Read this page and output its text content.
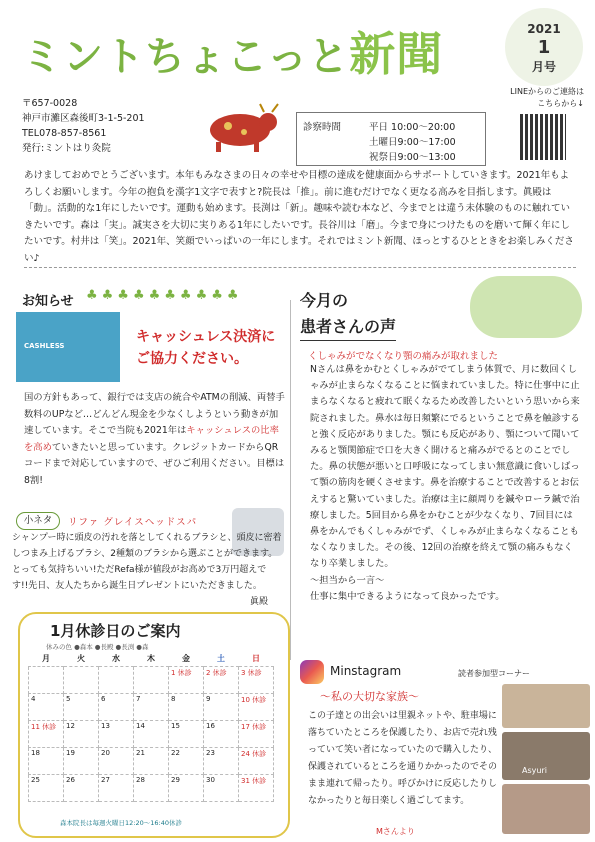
ミントちょこっと新聞	2021
1
月号
〒657-0028
神戸市灘区森後町3-1-5-201
TEL078-857-8561
発行:ミントはり灸院
診察時間	平日 10:00〜20:00
土曜日9:00〜17:00
祝祭日9:00〜13:00
LINEからのご連絡は
こちらから↓

あけましておめでとうございます。本年もみなさまの日々の幸せや目標の達成を健康面からサポートしていきます。2021年もよろしくお願いします。今年の抱負を漢字1文字で表すと?院長は「推」。前に進むだけでなく更なる高みを目指します。眞殿は「動」。活動的な1年にしたいです。運動も始めます。長渕は「新」。趣味や読む本など、今までとは違う未体験のものに触れていきたいです。森は「実」。誠実さを大切に実りある1年にしたいです。長谷川は「磨」。今まで身につけたものを磨いて輝く年にしたいです。村井は「笑」。2021年、笑顔でいっぱいの一年にします。それではミント新聞、ほっとするひとときをお楽しみください♪

お知らせ ♣♣♣♣♣♣♣♣♣♣
CASHLESS
キャッシュレス決済に
ご協力ください。
国の方針もあって、銀行では支店の統合やATMの削減、両替手数料のUPなど…どんどん現金を少なくしようという動きが加速しています。そこで当院も2021年はキャッシュレスの比率を高めていきたいと思っています。クレジットカードからQRコードまで対応していますので、ぜひご利用ください。目標は8割!
小ネタ	リファ グレイスヘッドスパ
シャンプー時に頭皮の汚れを落としてくれるブラシと、頭皮に密着しつまみ上げるブラシ、2種類のブラシから選ぶことができます。とっても気持ちいい!ただRefa様が値段がお高めで3万円超えです!!先日、友人たちから誕生日プレゼントにいただきました。
眞殿
1月休診日のご案内
休みの色 ●森本 ●長殿 ●長渕 ●森
月	火	水	木	金	土	日
				1 休診	2 休診	3 休診
4	5	6	7	8	9	10 休診
11 休診	12	13	14	15	16	17 休診
18	19	20	21	22	23	24 休診
25	26	27	28	29	30	31 休診
森本院長は毎週火曜日12:20〜16:40休診
今月の
患者さんの声
くしゃみがでなくなり顎の痛みが取れました
Nさんは鼻をかむとくしゃみがでてしまう体質で、月に数回くしゃみが止まらなくなることに悩まれていました。特に仕事中に止まらなくなると疲れて眠くなるため改善したいという思いから来院されました。鼻水は毎日頻繁にでるということで鼻を触診すると強く反応がありました。顎にも反応があり、顎について聞いてみると顎関節症で口を大きく開けると痛みがでるとのことでした。鼻の状態が悪いと口呼吸になってしまい無意識に食いしばって顎の筋肉を硬くさせます。鼻を治療することで改善するとお伝えすると驚いていました。治療は主に顔周りを鍼やローラ鍼で治療しました。5回目から鼻をかむことが少なくなり、7回目には鼻をかんでもくしゃみがでず、くしゃみが止まらなくなることもなくなりました。その後、12回の治療を終えて顎の痛みもなくなり卒業しました。
〜担当から一言〜
仕事に集中できるようになって良かったです。
Minstagram	読者参加型コーナー
〜私の大切な家族〜
この子達との出会いは里親ネットや、駐車場に落ちていたところを保護したり、お店で売れ残っていて笑い者になっていたので購入したり、保護されているところを通りかかったのでその まま連れて帰ったり。呼びかけに反応したりしなかったりと毎日楽しく過ごしてます。
Mさんより
Asyuri
